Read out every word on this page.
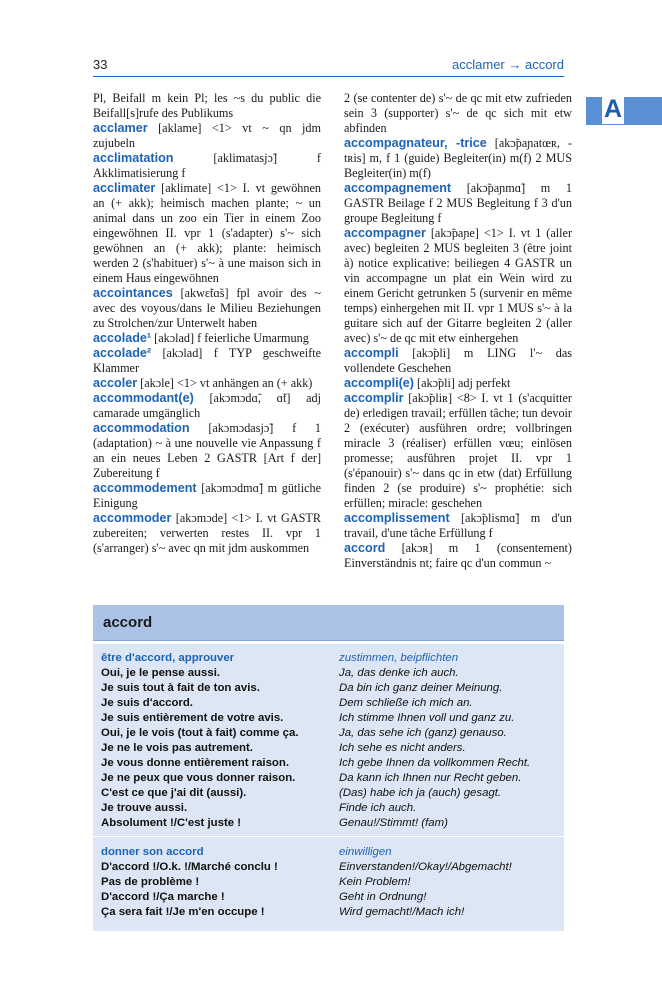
33	acclamer → accord
A

Pl, Beifall m kein Pl; les ~s du public die Beifall[s]rufe des Publikums

acclamer [aklame] <1> vt ~ qn jdm zujubeln

acclimatation [aklimatasjɔ̃] f Akklimatisierung f

acclimater [aklimate] <1> I. vt gewöhnen an (+ akk); heimisch machen plante; ~ un animal dans un zoo ein Tier in einem Zoo eingewöhnen II. vpr 1 (s'adapter) s'~ sich gewöhnen an (+ akk); plante: heimisch werden 2 (s'habituer) s'~ à une maison sich in einem Haus eingewöhnen

accointances [akwɛ̃tɑ̃s] fpl avoir des ~ avec des voyous/dans le Milieu Beziehungen zu Strolchen/zur Unterwelt haben

accolade¹ [akɔlad] f feierliche Umarmung

accolade² [akɔlad] f TYP geschweifte Klammer

accoler [akɔle] <1> vt anhängen an (+ akk)

accommodant(e) [akɔmɔdɑ̃, ɑ̃t] adj camarade umgänglich

accommodation [akɔmɔdasjɔ̃] f 1 (adaptation) ~ à une nouvelle vie Anpassung f an ein neues Leben 2 GASTR [Art f der] Zubereitung f

accommodement [akɔmɔdmɑ̃] m gütliche Einigung

accommoder [akɔmɔde] <1> I. vt GASTR zubereiten; verwerten restes II. vpr 1 (s'arranger) s'~ avec qn mit jdm auskommen

2 (se contenter de) s'~ de qc mit etw zufrieden sein 3 (supporter) s'~ de qc sich mit etw abfinden

accompagnateur, -trice [akɔ̃paɲatœʀ, -tʀis] m, f 1 (guide) Begleiter(in) m(f) 2 MUS Begleiter(in) m(f)

accompagnement [akɔ̃paɲmɑ̃] m 1 GASTR Beilage f 2 MUS Begleitung f 3 d'un groupe Begleitung f

accompagner [akɔ̃paɲe] <1> I. vt 1 (aller avec) begleiten 2 MUS begleiten 3 (être joint à) notice explicative: beiliegen 4 GASTR un vin accompagne un plat ein Wein wird zu einem Gericht getrunken 5 (survenir en même temps) einhergehen mit II. vpr 1 MUS s'~ à la guitare sich auf der Gitarre begleiten 2 (aller avec) s'~ de qc mit etw einhergehen

accompli [akɔ̃pli] m LING l'~ das vollendete Geschehen

accompli(e) [akɔ̃pli] adj perfekt

accomplir [akɔ̃pliʀ] <8> I. vt 1 (s'acquitter de) erledigen travail; erfüllen tâche; tun devoir 2 (exécuter) ausführen ordre; vollbringen miracle 3 (réaliser) erfüllen vœu; einlösen promesse; ausführen projet II. vpr 1 (s'épanouir) s'~ dans qc in etw (dat) Erfüllung finden 2 (se produire) s'~ prophétie: sich erfüllen; miracle: geschehen

accomplissement [akɔ̃plismɑ̃] m d'un travail, d'une tâche Erfüllung f

accord [akɔʀ] m 1 (consentement) Einverständnis nt; faire qc d'un commun ~

accord
être d'accord, approuver	zustimmen, beipflichten
Oui, je le pense aussi.	Ja, das denke ich auch.
Je suis tout à fait de ton avis.	Da bin ich ganz deiner Meinung.
Je suis d'accord.	Dem schließe ich mich an.
Je suis entièrement de votre avis.	Ich stimme Ihnen voll und ganz zu.
Oui, je le vois (tout à fait) comme ça.	Ja, das sehe ich (ganz) genauso.
Je ne le vois pas autrement.	Ich sehe es nicht anders.
Je vous donne entièrement raison.	Ich gebe Ihnen da vollkommen Recht.
Je ne peux que vous donner raison.	Da kann ich Ihnen nur Recht geben.
C'est ce que j'ai dit (aussi).	(Das) habe ich ja (auch) gesagt.
Je trouve aussi.	Finde ich auch.
Absolument !/C'est juste !	Genau!/Stimmt! (fam)
donner son accord	einwilligen
D'accord !/O.k. !/Marché conclu !	Einverstanden!/Okay!/Abgemacht!
Pas de problème !	Kein Problem!
D'accord !/Ça marche !	Geht in Ordnung!
Ça sera fait !/Je m'en occupe !	Wird gemacht!/Mach ich!
